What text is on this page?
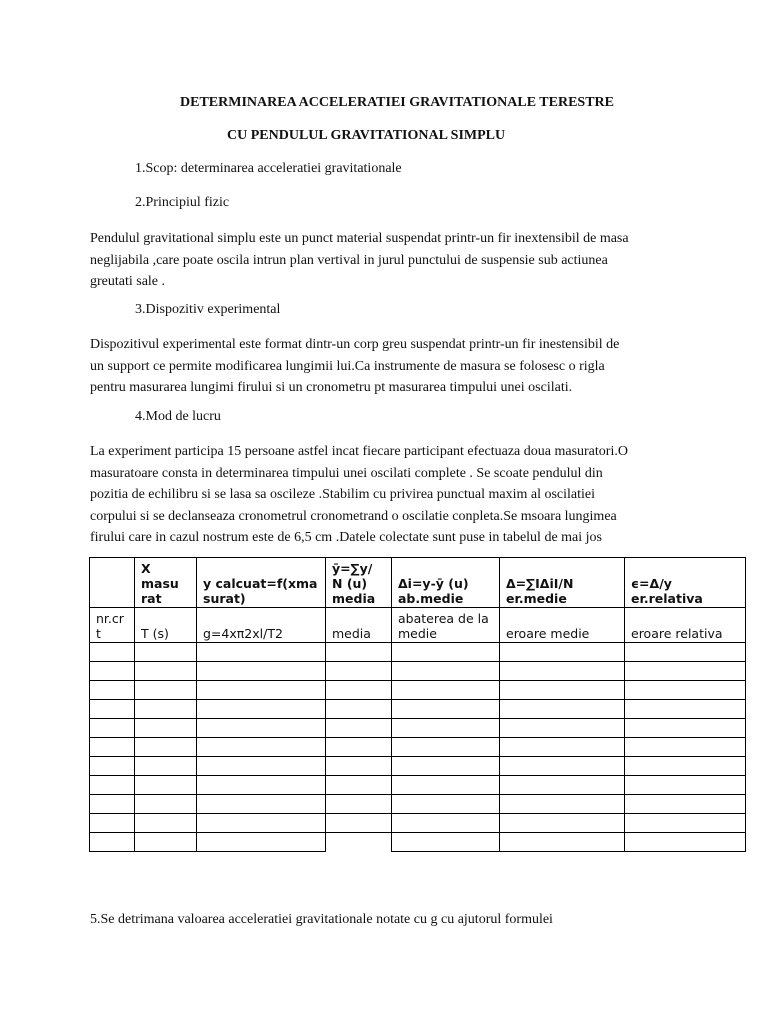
DETERMINAREA ACCELERATIEI GRAVITATIONALE TERESTRE
CU PENDULUL GRAVITATIONAL SIMPLU
1.Scop: determinarea acceleratiei gravitationale
2.Principiul fizic
Pendulul gravitational simplu este un punct material suspendat printr-un fir inextensibil de masa
neglijabila ,care poate oscila intrun plan vertival in jurul punctului de suspensie sub actiunea
greutati sale .
3.Dispozitiv experimental
Dispozitivul experimental este format dintr-un corp greu suspendat printr-un fir inestensibil de
un support ce permite modificarea lungimii lui.Ca instrumente de masura se folosesc o rigla
pentru masurarea lungimi firului si un cronometru pt masurarea timpului unei oscilati.
4.Mod de lucru
La experiment participa 15 persoane astfel incat fiecare participant efectuaza doua masuratori.O
masuratoare consta in determinarea timpului unei oscilati complete . Se scoate pendulul din
pozitia de echilibru si se lasa sa oscileze .Stabilim cu privirea punctual maxim al oscilatiei
corpului si se declanseaza cronometrul cronometrand o oscilatie conpleta.Se msoara lungimea
firului care in cazul nostrum este de 6,5 cm .Datele colectate sunt puse in tabelul de mai jos
	X masu rat	y calcuat=f(xma surat)	ȳ=∑y/ N (u) media	Δi=y-ȳ (u) ab.medie	Δ=∑IΔiI/N er.medie	ϵ=Δ/y er.relativa
nr.cr t	T (s)	g=4xπ2xl/T2	media	abaterea de la medie	eroare medie	eroare relativa

5.Se detrimana valoarea acceleratiei gravitationale notate cu g cu ajutorul formulei
